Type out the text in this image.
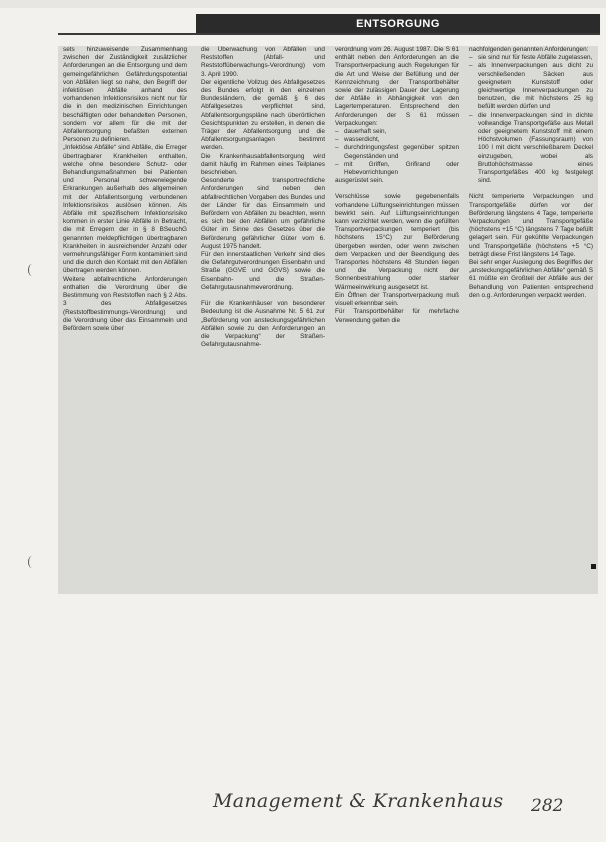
ENTSORGUNG

sets hinzuweisende Zusammenhang zwischen der Zuständigkeit zusätzlicher Anforderungen an die Entsorgung und dem gemeingefährlichen Gefährdungspotential von Abfällen liegt so nahe, den Begriff der infektiösen Abfälle anhand des vorhandenen Infektionsrisikos nicht nur für die in den medizinischen Einrichtungen beschäftigten oder behandelten Personen, sondern vor allem für die mit der Abfallentsorgung befaßten externen Personen zu definieren.

„Infektiöse Abfälle“ sind Abfälle, die Erreger übertragbarer Krankheiten enthalten, welche ohne besondere Schutz- oder Behandlungsmaßnahmen bei Patienten und Personal schwerwiegende Erkrankungen außerhalb des allgemeinen mit der Abfallentsorgung verbundenen Infektionsrisikos auslösen können. Als Abfälle mit spezifischem Infektionsrisiko kommen in erster Linie Abfälle in Betracht, die mit Erregern der in § 8 BSeuchG genannten meldepflichtigen übertragbaren Krankheiten in ausreichender Anzahl oder vermehrungsfähiger Form kontaminiert sind und die durch den Kontakt mit den Abfällen übertragen werden können.

Weitere abfallrechtliche Anforderungen enthalten die Verordnung über die Bestimmung von Reststoffen nach § 2 Abs. 3 des Abfallgesetzes (Reststoffbestimmungs-Verordnung) und die Verordnung über das Einsammeln und Befördern sowie über

die Überwachung von Abfällen und Reststoffen (Abfall- und Reststoffüberwachungs-Verordnung) vom 3. April 1990.

Der eigentliche Vollzug des Abfallgesetzes des Bundes erfolgt in den einzelnen Bundesländern, die gemäß § 6 des Abfallgesetzes verpflichtet sind, Abfallentsorgungspläne nach überörtlichen Gesichtspunkten zu erstellen, in denen die Träger der Abfallentsorgung und die Abfallentsorgungsanlagen bestimmt werden.

Die Krankenhausabfallentsorgung wird damit häufig im Rahmen eines Teilplanes beschrieben.

Gesonderte transportrechtliche Anforderungen sind neben den abfallrechtlichen Vorgaben des Bundes und der Länder für das Einsammeln und Befördern von Abfällen zu beachten, wenn es sich bei den Abfällen um gefährliche Güter im Sinne des Gesetzes über die Beförderung gefährlicher Güter vom 6. August 1975 handelt.

Für den innerstaatlichen Verkehr sind dies die Gefahrgutverordnungen Eisenbahn und Straße (GGVE und GGVS) sowie die Eisenbahn- und die Straßen-Gefahrgutausnahmeverordnung.

Für die Krankenhäuser von besonderer Bedeutung ist die Ausnahme Nr. 5 61 zur „Beförderung von ansteckungsgefährlichen Abfällen sowie zu den Anforderungen an die Verpackung“ der Straßen-Gefahrgutausnahme-

verordnung vom 26. August 1987. Die S 61 enthält neben den Anforderungen an die Transportverpackung auch Regelungen für die Art und Weise der Befüllung und der Kennzeichnung der Transportbehälter sowie der zulässigen Dauer der Lagerung der Abfälle in Abhängigkeit von den Lagertemperaturen. Entsprechend den Anforderungen der S 61 müssen Verpackungen:

– dauerhaft sein,
– wasserdicht,
– durchdringungsfest gegenüber spitzen Gegenständen und
– mit Griffen, Grifirand oder Hebevorrichtungen

ausgerüstet sein.

Verschlüsse sowie gegebenenfalls vorhandene Lüftungseinrichtungen müssen bewirkt sein. Auf Lüftungseinrichtungen kann verzichtet werden, wenn die gefüllten Transportverpackungen temperiert (bis höchstens 15°C) zur Beförderung übergeben werden, oder wenn zwischen dem Verpacken und der Beendigung des Transportes höchstens 48 Stunden liegen und die Verpackung nicht der Sonnenbestrahlung oder starker Wärmeeinwirkung ausgesetzt ist.

Ein Öffnen der Transportverpackung muß visuell erkennbar sein.

Für Transportbehälter für mehrfache Verwendung gelten die

nachfolgenden genannten Anforderungen:

– sie sind nur für feste Abfälle zugelassen,
– als Innenverpackungen aus dicht zu verschließenden Säcken aus geeignetem Kunststoff oder gleichwertige Innenverpackungen zu benutzen, die mit höchstens 25 kg befüllt werden dürfen und
– die Innenverpackungen sind in dichte vollwandige Transportgefäße aus Metall oder geeignetem Kunststoff mit einem Höchstvolumen (Fassungsraum) von 100 l mit dicht verschließbarem Deckel einzugeben, wobei als Bruttohöchstmasse eines Transportgefäßes 400 kg festgelegt sind.

Nicht temperierte Verpackungen und Transportgefäße dürfen vor der Beförderung längstens 4 Tage, temperierte Verpackungen und Transportgefäße (höchstens +15 °C) längstens 7 Tage befüllt gelagert sein. Für gekühlte Verpackungen und Transportgefäße (höchstens +5 °C) beträgt diese Frist längstens 14 Tage.

Bei sehr enger Auslegung des Begriffes der „ansteckungsgefährlichen Abfälle“ gemäß S 61 müßte ein Großteil der Abfälle aus der Behandlung von Patienten entsprechend den o.g. Anforderungen verpackt werden.

Management & Krankenhaus 282
